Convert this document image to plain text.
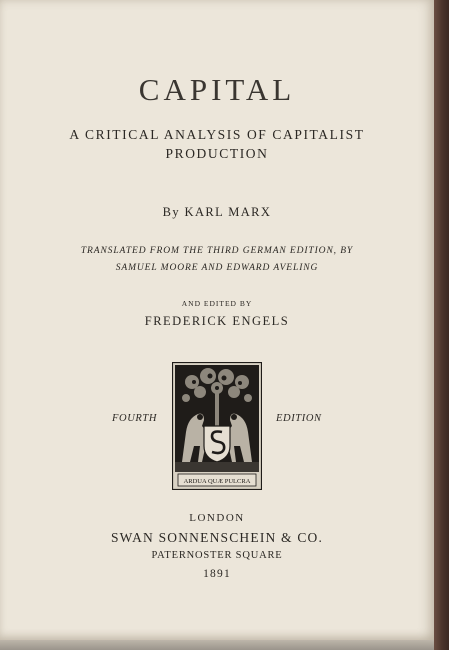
CAPITAL
A CRITICAL ANALYSIS OF CAPITALIST
PRODUCTION
By KARL MARX
TRANSLATED FROM THE THIRD GERMAN EDITION, BY
SAMUEL MOORE AND EDWARD AVELING
AND EDITED BY
FREDERICK ENGELS
FOURTH	EDITION
ARDUA QUÆ PULCRA
LONDON
SWAN SONNENSCHEIN & CO.
PATERNOSTER SQUARE
1891
